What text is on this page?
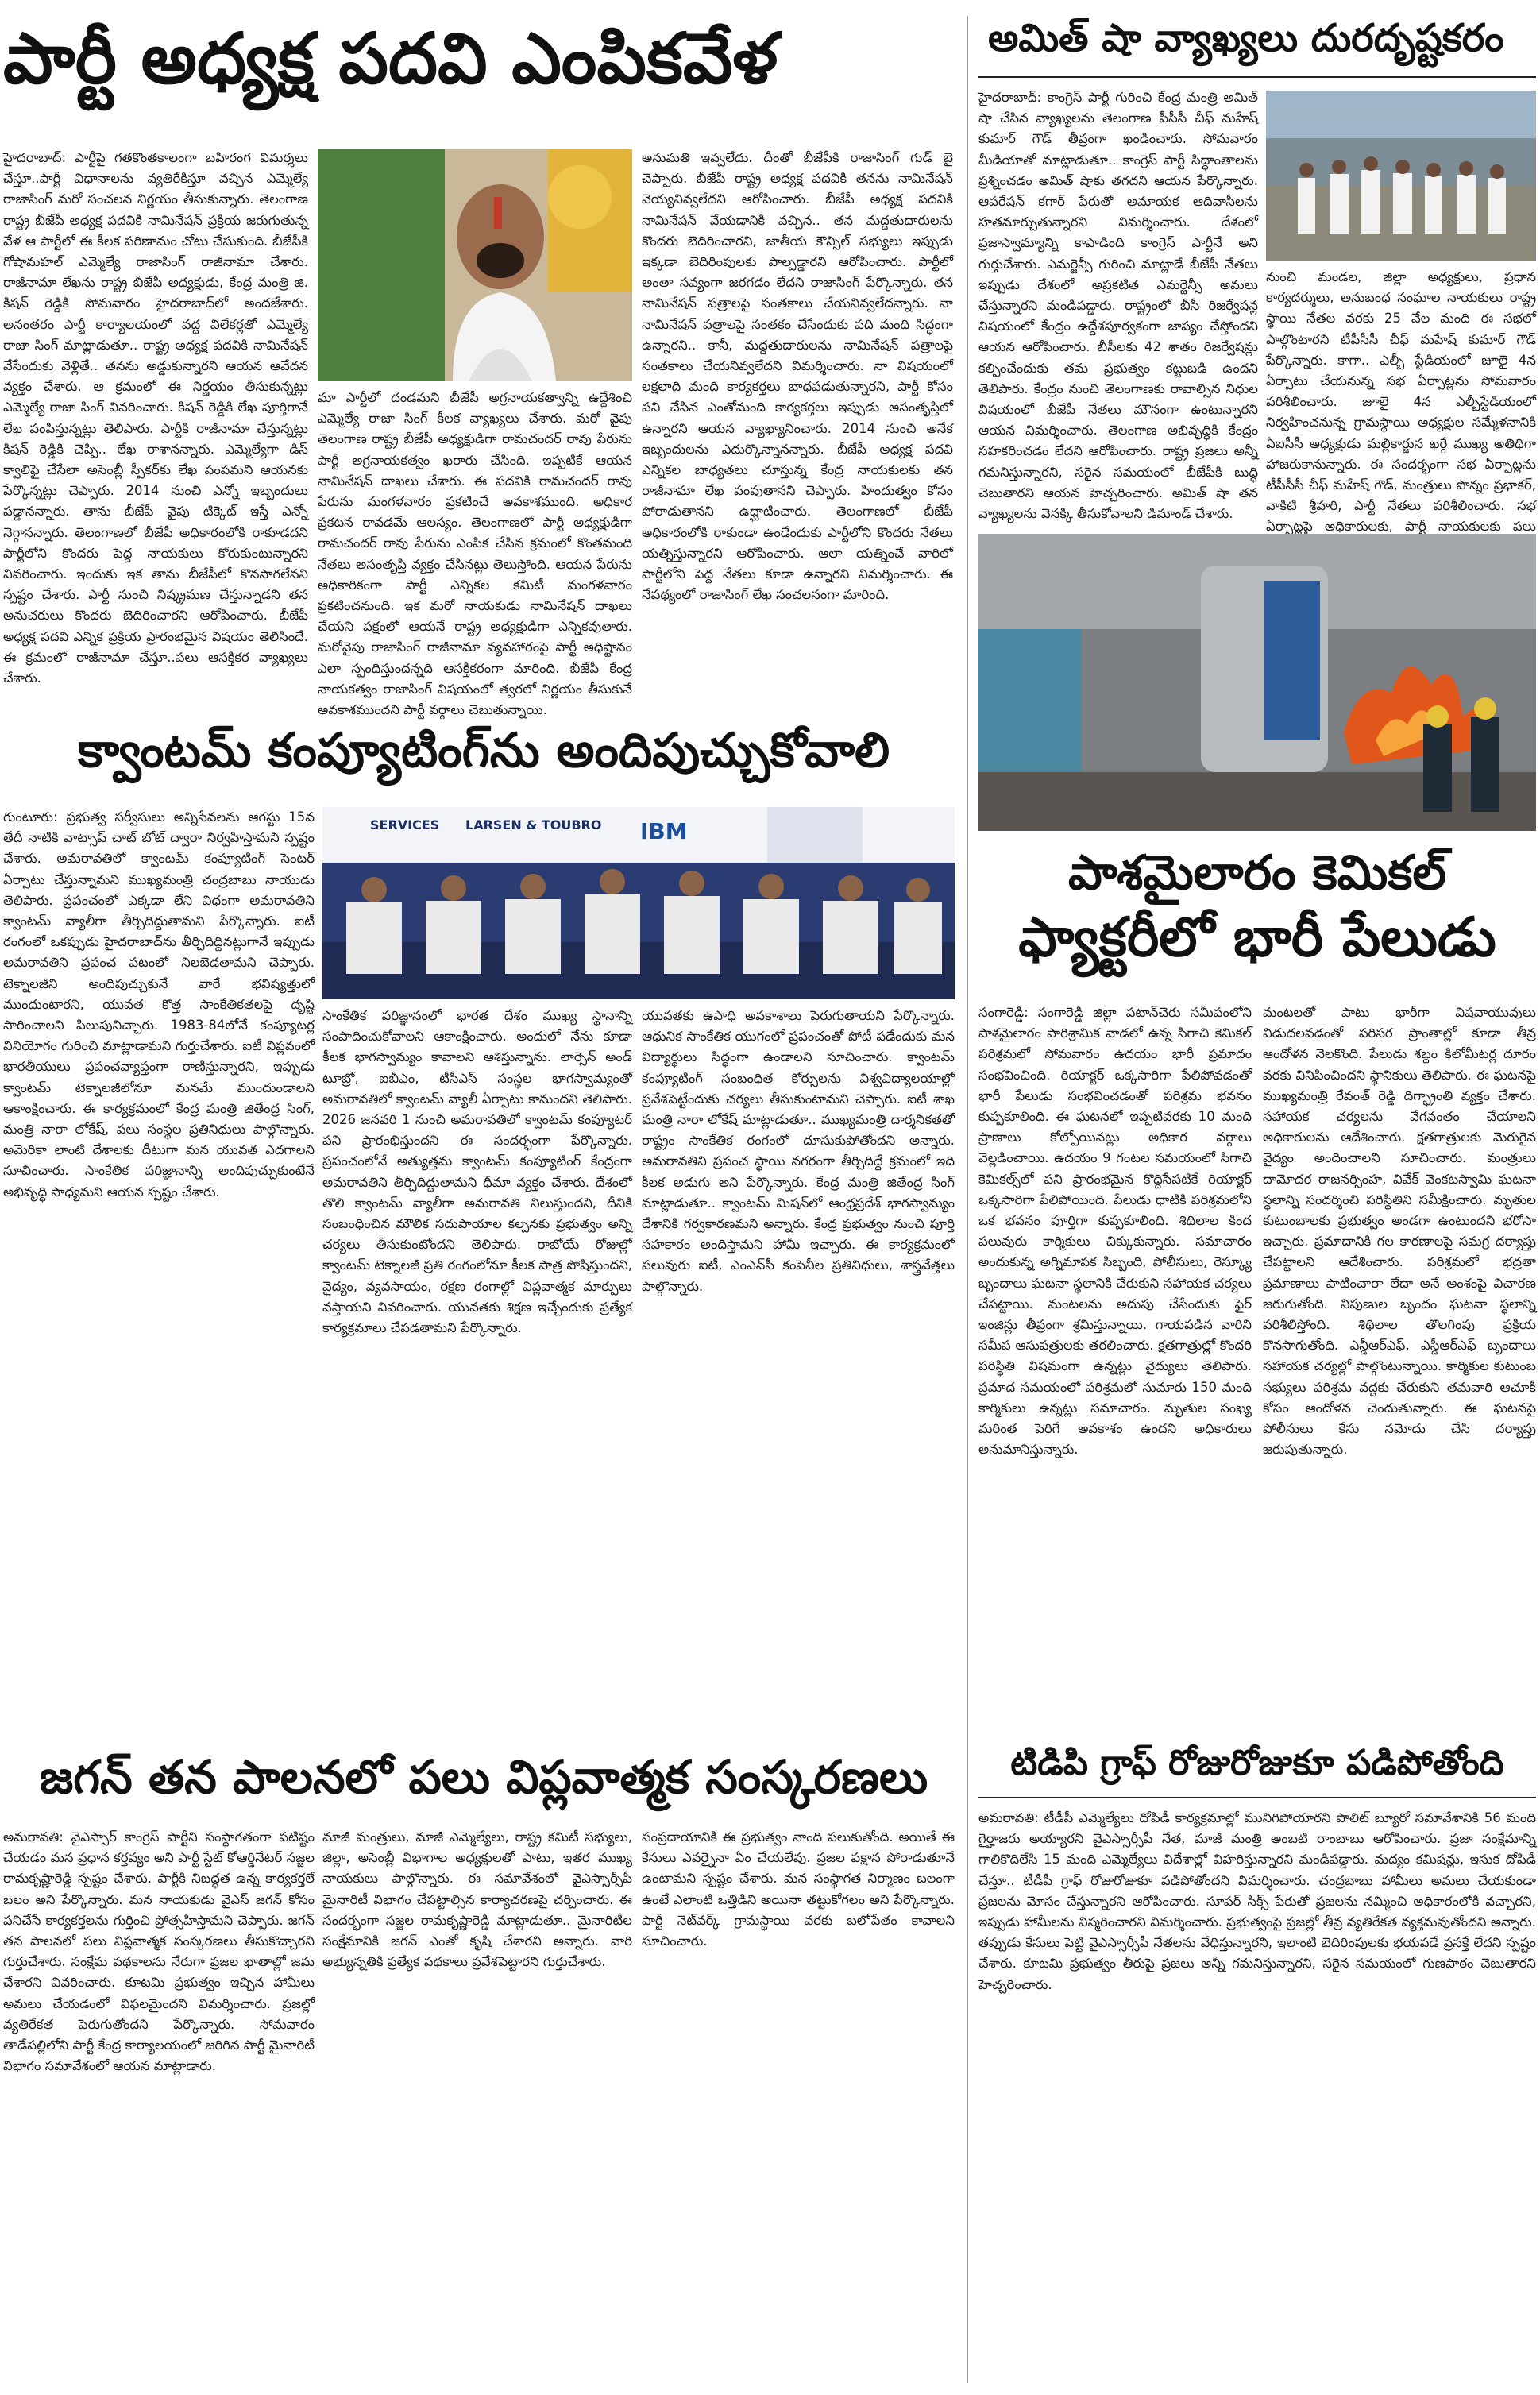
పార్టీ అధ్యక్ష పదవి ఎంపికవేళ
హైదరాబాద్: పార్టీపై గతకొంతకాలంగా బహిరంగ విమర్శలు చేస్తూ..పార్టీ విధానాలను వ్యతిరేకిస్తూ వచ్చిన ఎమ్మెల్యే రాజాసింగ్ మరో సంచలన నిర్ణయం తీసుకున్నారు. తెలంగాణ రాష్ట్ర బీజేపీ అధ్యక్ష పదవికి నామినేషన్ ప్రక్రియ జరుగుతున్న వేళ ఆ పార్టీలో ఈ కీలక పరిణామం చోటు చేసుకుంది. బీజేపీకి గోషామహల్ ఎమ్మెల్యే రాజాసింగ్ రాజీనామా చేశారు. రాజీనామా లేఖను రాష్ట్ర బీజేపీ అధ్యక్షుడు, కేంద్ర మంత్రి జి. కిషన్ రెడ్డికి సోమవారం హైదరాబాద్‌లో అందజేశారు. అనంతరం పార్టీ కార్యాలయంలో వద్ద విలేకర్లతో ఎమ్మెల్యే రాజా సింగ్ మాట్లాడుతూ.. రాష్ట్ర అధ్యక్ష పదవికి నామినేషన్ వేసేందుకు వెళ్లితే.. తనను అడ్డుకున్నారని ఆయన ఆవేదన వ్యక్తం చేశారు. ఆ క్రమంలో ఈ నిర్ణయం తీసుకున్నట్లు ఎమ్మెల్యే రాజా సింగ్ వివరించారు. కిషన్ రెడ్డికి లేఖ పూర్తిగానే లేఖ పంపిస్తున్నట్లు తెలిపారు. పార్టీకి రాజీనామా చేస్తున్నట్లు కిషన్ రెడ్డికి చెప్పి.. లేఖ రాశానన్నారు. ఎమ్మెల్యేగా డిస్ క్వాలిఫై చేసేలా అసెంబ్లీ స్పీకర్‌కు లేఖ పంపమని ఆయనకు పేర్కొన్నట్లు చెప్పారు. 2014 నుంచి ఎన్నో ఇబ్బందులు పడ్డానన్నారు. తాను బీజేపీ వైపు టిక్కెట్ ఇస్తే ఎన్నో నెగ్గానన్నారు. తెలంగాణలో బీజేపీ అధికారంలోకి రాకూడదని పార్టీలోని కొందరు పెద్ద నాయకులు కోరుకుంటున్నారని వివరించారు. ఇందుకు ఇక తాను బీజేపీలో కొనసాగలేనని స్పష్టం చేశారు. పార్టీ నుంచి నిష్క్రమణ చేస్తున్నాడని తన అనుచరులు కొందరు బెదిరించారని ఆరోపించారు. బీజేపీ అధ్యక్ష పదవి ఎన్నిక ప్రక్రియ ప్రారంభమైన విషయం తెలిసిందే. ఈ క్రమంలో రాజీనామా చేస్తూ..పలు ఆసక్తికర వ్యాఖ్యలు చేశారు.
అనుమతి ఇవ్వలేదు. దీంతో బీజేపీకి రాజాసింగ్ గుడ్ బై చెప్పారు. బీజేపీ రాష్ట్ర అధ్యక్ష పదవికి తనను నామినేషన్ వెయ్యనివ్వలేదని ఆరోపించారు. బీజేపీ అధ్యక్ష పదవికి నామినేషన్ వేయడానికి వచ్చిన.. తన మద్దతుదారులను కొందరు బెదిరించారని, జాతీయ కౌన్సిల్ సభ్యులు ఇప్పుడు ఇక్కడా బెదిరింపులకు పాల్పడ్డారని ఆరోపించారు. పార్టీలో అంతా సవ్యంగా జరగడం లేదని రాజాసింగ్ పేర్కొన్నారు. తన నామినేషన్ పత్రాలపై సంతకాలు చేయనివ్వలేదన్నారు. నా నామినేషన్ పత్రాలపై సంతకం చేసేందుకు పది మంది సిద్ధంగా ఉన్నారని.. కానీ, మద్దతుదారులను నామినేషన్ పత్రాలపై సంతకాలు చేయనివ్వలేదని విమర్శించారు. నా విషయంలో లక్షలాది మంది కార్యకర్తలు బాధపడుతున్నారని, పార్టీ కోసం పని చేసిన ఎంతోమంది కార్యకర్తలు ఇప్పుడు అసంతృప్తిలో ఉన్నారని ఆయన వ్యాఖ్యానించారు. 2014 నుంచి అనేక ఇబ్బందులను ఎదుర్కొన్నానన్నారు. బీజేపీ అధ్యక్ష పదవి ఎన్నికల బాధ్యతలు చూస్తున్న కేంద్ర నాయకులకు తన రాజీనామా లేఖ పంపుతానని చెప్పారు. హిందుత్వం కోసం పోరాడుతానని ఉద్ఘాటించారు. తెలంగాణలో బీజేపీ అధికారంలోకి రాకుండా ఉండేందుకు పార్టీలోని కొందరు నేతలు యత్నిస్తున్నారని ఆరోపించారు. ఆలా యత్నించే వారిలో పార్టీలోని పెద్ద నేతలు కూడా ఉన్నారని విమర్శించారు. ఈ నేపథ్యంలో రాజాసింగ్ లేఖ సంచలనంగా మారింది.
మా పార్టీలో దండమని బీజేపీ అగ్రనాయకత్వాన్ని ఉద్దేశించి ఎమ్మెల్యే రాజా సింగ్ కీలక వ్యాఖ్యలు చేశారు. మరో వైపు తెలంగాణ రాష్ట్ర బీజేపీ అధ్యక్షుడిగా రామచందర్ రావు పేరును పార్టీ అగ్రనాయకత్వం ఖరారు చేసింది. ఇప్పటికే ఆయన నామినేషన్ దాఖలు చేశారు. ఈ పదవికి రామచందర్ రావు పేరును మంగళవారం ప్రకటించే అవకాశముంది. అధికార ప్రకటన రావడమే ఆలస్యం. తెలంగాణలో పార్టీ అధ్యక్షుడిగా రామచందర్ రావు పేరును ఎంపిక చేసిన క్రమంలో కొంతమంది నేతలు అసంతృప్తి వ్యక్తం చేసినట్లు తెలుస్తోంది. ఆయన పేరును అధికారికంగా పార్టీ ఎన్నికల కమిటీ మంగళవారం ప్రకటించనుంది. ఇక మరో నాయకుడు నామినేషన్ దాఖలు చేయని పక్షంలో ఆయనే రాష్ట్ర అధ్యక్షుడిగా ఎన్నికవుతారు. మరోవైపు రాజాసింగ్ రాజీనామా వ్యవహారంపై పార్టీ అధిష్టానం ఎలా స్పందిస్తుందన్నది ఆసక్తికరంగా మారింది. బీజేపీ కేంద్ర నాయకత్వం రాజాసింగ్ విషయంలో త్వరలో నిర్ణయం తీసుకునే అవకాశముందని పార్టీ వర్గాలు చెబుతున్నాయి.
అమిత్ షా వ్యాఖ్యలు దురదృష్టకరం
హైదరాబాద్: కాంగ్రెస్ పార్టీ గురించి కేంద్ర మంత్రి అమిత్ షా చేసిన వ్యాఖ్యలను తెలంగాణ పీసీసీ చీఫ్ మహేష్ కుమార్ గౌడ్ తీవ్రంగా ఖండించారు. సోమవారం మీడియాతో మాట్లాడుతూ.. కాంగ్రెస్ పార్టీ సిద్ధాంతాలను ప్రశ్నించడం అమిత్ షాకు తగదని ఆయన పేర్కొన్నారు. ఆపరేషన్ కగార్ పేరుతో అమాయక ఆదివాసీలను హతమార్చుతున్నారని విమర్శించారు. దేశంలో ప్రజాస్వామ్యాన్ని కాపాడింది కాంగ్రెస్ పార్టీనే అని గుర్తుచేశారు. ఎమర్జెన్సీ గురించి మాట్లాడే బీజేపీ నేతలు ఇప్పుడు దేశంలో అప్రకటిత ఎమర్జెన్సీ అమలు చేస్తున్నారని మండిపడ్డారు. రాష్ట్రంలో బీసీ రిజర్వేషన్ల విషయంలో కేంద్రం ఉద్దేశపూర్వకంగా జాప్యం చేస్తోందని ఆయన ఆరోపించారు. బీసీలకు 42 శాతం రిజర్వేషన్లు కల్పించేందుకు తమ ప్రభుత్వం కట్టుబడి ఉందని తెలిపారు. కేంద్రం నుంచి తెలంగాణకు రావాల్సిన నిధుల విషయంలో బీజేపీ నేతలు మౌనంగా ఉంటున్నారని ఆయన విమర్శించారు. తెలంగాణ అభివృద్ధికి కేంద్రం సహకరించడం లేదని ఆరోపించారు. రాష్ట్ర ప్రజలు అన్నీ గమనిస్తున్నారని, సరైన సమయంలో బీజేపీకి బుద్ధి చెబుతారని ఆయన హెచ్చరించారు. అమిత్ షా తన వ్యాఖ్యలను వెనక్కి తీసుకోవాలని డిమాండ్ చేశారు.
నుంచి మండల, జిల్లా అధ్యక్షులు, ప్రధాన కార్యదర్శులు, అనుబంధ సంఘాల నాయకులు రాష్ట్ర స్థాయి నేతల వరకు 25 వేల మంది ఈ సభలో పాల్గొంటారని టీపీసీసీ చీఫ్ మహేష్ కుమార్ గౌడ్ పేర్కొన్నారు. కాగా.. ఎల్బీ స్టేడియంలో జూలై 4న ఏర్పాటు చేయనున్న సభ ఏర్పాట్లను సోమవారం పరిశీలించారు. జూలై 4న ఎల్బీస్టేడియంలో నిర్వహించనున్న గ్రామస్థాయి అధ్యక్షుల సమ్మేళనానికి ఏఐసీసీ అధ్యక్షుడు మల్లికార్జున ఖర్గే ముఖ్య అతిథిగా హాజరుకానున్నారు. ఈ సందర్భంగా సభ ఏర్పాట్లను టీపీసీసీ చీఫ్ మహేష్ గౌడ్, మంత్రులు పొన్నం ప్రభాకర్, వాకిటి శ్రీహరి, పార్టీ నేతలు పరిశీలించారు. సభ ఏర్పాట్లపై అధికారులకు, పార్టీ నాయకులకు పలు
పాశమైలారం కెమికల్
ఫ్యాక్టరీలో భారీ పేలుడు
సంగారెడ్డి: సంగారెడ్డి జిల్లా పటాన్‌చెరు సమీపంలోని పాశమైలారం పారిశ్రామిక వాడలో ఉన్న సిగాచి కెమికల్ పరిశ్రమలో సోమవారం ఉదయం భారీ ప్రమాదం సంభవించింది. రియాక్టర్ ఒక్కసారిగా పేలిపోవడంతో భారీ పేలుడు సంభవించడంతో పరిశ్రమ భవనం కుప్పకూలింది. ఈ ఘటనలో ఇప్పటివరకు 10 మంది ప్రాణాలు కోల్పోయినట్లు అధికార వర్గాలు వెల్లడించాయి. ఉదయం 9 గంటల సమయంలో సిగాచి కెమికల్స్‌లో పని ప్రారంభమైన కొద్దిసేపటికే రియాక్టర్ ఒక్కసారిగా పేలిపోయింది. పేలుడు ధాటికి పరిశ్రమలోని ఒక భవనం పూర్తిగా కుప్పకూలింది. శిథిలాల కింద పలువురు కార్మికులు చిక్కుకున్నారు. సమాచారం అందుకున్న అగ్నిమాపక సిబ్బంది, పోలీసులు, రెస్క్యూ బృందాలు ఘటనా స్థలానికి చేరుకుని సహాయక చర్యలు చేపట్టాయి. మంటలను అదుపు చేసేందుకు ఫైర్ ఇంజిన్లు తీవ్రంగా శ్రమిస్తున్నాయి. గాయపడిన వారిని సమీప ఆసుపత్రులకు తరలించారు. క్షతగాత్రుల్లో కొందరి పరిస్థితి విషమంగా ఉన్నట్లు వైద్యులు తెలిపారు. ప్రమాద సమయంలో పరిశ్రమలో సుమారు 150 మంది కార్మికులు ఉన్నట్లు సమాచారం. మృతుల సంఖ్య మరింత పెరిగే అవకాశం ఉందని అధికారులు అనుమానిస్తున్నారు.
మంటలతో పాటు భారీగా విషవాయువులు విడుదలవడంతో పరిసర ప్రాంతాల్లో కూడా తీవ్ర ఆందోళన నెలకొంది. పేలుడు శబ్దం కిలోమీటర్ల దూరం వరకు వినిపించిందని స్థానికులు తెలిపారు. ఈ ఘటనపై ముఖ్యమంత్రి రేవంత్ రెడ్డి దిగ్భ్రాంతి వ్యక్తం చేశారు. సహాయక చర్యలను వేగవంతం చేయాలని అధికారులను ఆదేశించారు. క్షతగాత్రులకు మెరుగైన వైద్యం అందించాలని సూచించారు. మంత్రులు దామోదర రాజనర్సింహ, వివేక్ వెంకటస్వామి ఘటనా స్థలాన్ని సందర్శించి పరిస్థితిని సమీక్షించారు. మృతుల కుటుంబాలకు ప్రభుత్వం అండగా ఉంటుందని భరోసా ఇచ్చారు. ప్రమాదానికి గల కారణాలపై సమగ్ర దర్యాప్తు చేపట్టాలని ఆదేశించారు. పరిశ్రమలో భద్రతా ప్రమాణాలు పాటించారా లేదా అనే అంశంపై విచారణ జరుగుతోంది. నిపుణుల బృందం ఘటనా స్థలాన్ని పరిశీలిస్తోంది. శిథిలాల తొలగింపు ప్రక్రియ కొనసాగుతోంది. ఎన్డీఆర్ఎఫ్, ఎస్డీఆర్ఎఫ్ బృందాలు సహాయక చర్యల్లో పాల్గొంటున్నాయి. కార్మికుల కుటుంబ సభ్యులు పరిశ్రమ వద్దకు చేరుకుని తమవారి ఆచూకీ కోసం ఆందోళన చెందుతున్నారు. ఈ ఘటనపై పోలీసులు కేసు నమోదు చేసి దర్యాప్తు జరుపుతున్నారు.
క్వాంటమ్ కంప్యూటింగ్‌ను అందిపుచ్చుకోవాలి
SERVICES LARSEN & TOUBRO IBM
గుంటూరు: ప్రభుత్వ సర్వీసులు అన్నిసేవలను ఆగస్టు 15వ తేదీ నాటికి వాట్సాప్ చాట్ బోట్ ద్వారా నిర్వహిస్తామని స్పష్టం చేశారు. అమరావతిలో క్వాంటమ్ కంప్యూటింగ్ సెంటర్ ఏర్పాటు చేస్తున్నామని ముఖ్యమంత్రి చంద్రబాబు నాయుడు తెలిపారు. ప్రపంచంలో ఎక్కడా లేని విధంగా అమరావతిని క్వాంటమ్ వ్యాలీగా తీర్చిదిద్దుతామని పేర్కొన్నారు. ఐటీ రంగంలో ఒకప్పుడు హైదరాబాద్‌ను తీర్చిదిద్దినట్లుగానే ఇప్పుడు అమరావతిని ప్రపంచ పటంలో నిలబెడతామని చెప్పారు. టెక్నాలజీని అందిపుచ్చుకునే వారే భవిష్యత్తులో ముందుంటారని, యువత కొత్త సాంకేతికతలపై దృష్టి సారించాలని పిలుపునిచ్చారు. 1983-84లోనే కంప్యూటర్ల వినియోగం గురించి మాట్లాడామని గుర్తుచేశారు. ఐటీ విప్లవంలో భారతీయులు ప్రపంచవ్యాప్తంగా రాణిస్తున్నారని, ఇప్పుడు క్వాంటమ్ టెక్నాలజీలోనూ మనమే ముందుండాలని ఆకాంక్షించారు. ఈ కార్యక్రమంలో కేంద్ర మంత్రి జితేంద్ర సింగ్, మంత్రి నారా లోకేష్, పలు సంస్థల ప్రతినిధులు పాల్గొన్నారు. అమెరికా లాంటి దేశాలకు దీటుగా మన యువత ఎదగాలని సూచించారు. సాంకేతిక పరిజ్ఞానాన్ని అందిపుచ్చుకుంటేనే అభివృద్ధి సాధ్యమని ఆయన స్పష్టం చేశారు.
సాంకేతిక పరిజ్ఞానంలో భారత దేశం ముఖ్య స్థానాన్ని సంపాదించుకోవాలని ఆకాంక్షించారు. అందులో నేను కూడా కీలక భాగస్వామ్యం కావాలని ఆశిస్తున్నాను. లార్సెన్ అండ్ టూబ్రో, ఐబీఎం, టీసీఎస్ సంస్థల భాగస్వామ్యంతో అమరావతిలో క్వాంటమ్ వ్యాలీ ఏర్పాటు కానుందని తెలిపారు. 2026 జనవరి 1 నుంచి అమరావతిలో క్వాంటమ్ కంప్యూటర్ పని ప్రారంభిస్తుందని ఈ సందర్భంగా పేర్కొన్నారు. ప్రపంచంలోనే అత్యుత్తమ క్వాంటమ్ కంప్యూటింగ్ కేంద్రంగా అమరావతిని తీర్చిదిద్దుతామని ధీమా వ్యక్తం చేశారు. దేశంలో తొలి క్వాంటమ్ వ్యాలీగా అమరావతి నిలుస్తుందని, దీనికి సంబంధించిన మౌలిక సదుపాయాల కల్పనకు ప్రభుత్వం అన్ని చర్యలు తీసుకుంటోందని తెలిపారు. రాబోయే రోజుల్లో క్వాంటమ్ టెక్నాలజీ ప్రతి రంగంలోనూ కీలక పాత్ర పోషిస్తుందని, వైద్యం, వ్యవసాయం, రక్షణ రంగాల్లో విప్లవాత్మక మార్పులు వస్తాయని వివరించారు. యువతకు శిక్షణ ఇచ్చేందుకు ప్రత్యేక కార్యక్రమాలు చేపడతామని పేర్కొన్నారు.
యువతకు ఉపాధి అవకాశాలు పెరుగుతాయని పేర్కొన్నారు. ఆధునిక సాంకేతిక యుగంలో ప్రపంచంతో పోటీ పడేందుకు మన విద్యార్థులు సిద్ధంగా ఉండాలని సూచించారు. క్వాంటమ్ కంప్యూటింగ్ సంబంధిత కోర్సులను విశ్వవిద్యాలయాల్లో ప్రవేశపెట్టేందుకు చర్యలు తీసుకుంటామని చెప్పారు. ఐటీ శాఖ మంత్రి నారా లోకేష్ మాట్లాడుతూ.. ముఖ్యమంత్రి దార్శనికతతో రాష్ట్రం సాంకేతిక రంగంలో దూసుకుపోతోందని అన్నారు. అమరావతిని ప్రపంచ స్థాయి నగరంగా తీర్చిదిద్దే క్రమంలో ఇది కీలక అడుగు అని పేర్కొన్నారు. కేంద్ర మంత్రి జితేంద్ర సింగ్ మాట్లాడుతూ.. క్వాంటమ్ మిషన్‌లో ఆంధ్రప్రదేశ్ భాగస్వామ్యం దేశానికి గర్వకారణమని అన్నారు. కేంద్ర ప్రభుత్వం నుంచి పూర్తి సహకారం అందిస్తామని హామీ ఇచ్చారు. ఈ కార్యక్రమంలో పలువురు ఐటీ, ఎంఎన్‌సీ కంపెనీల ప్రతినిధులు, శాస్త్రవేత్తలు పాల్గొన్నారు.
జగన్ తన పాలనలో పలు విప్లవాత్మక సంస్కరణలు
అమరావతి: వైఎస్సార్ కాంగ్రెస్ పార్టీని సంస్థాగతంగా పటిష్టం చేయడం మన ప్రధాన కర్తవ్యం అని పార్టీ స్టేట్ కోఆర్డినేటర్ సజ్జల రామకృష్ణారెడ్డి స్పష్టం చేశారు. పార్టీకి నిబద్ధత ఉన్న కార్యకర్తలే బలం అని పేర్కొన్నారు. మన నాయకుడు వైఎస్ జగన్ కోసం పనిచేసే కార్యకర్తలను గుర్తించి ప్రోత్సహిస్తామని చెప్పారు. జగన్ తన పాలనలో పలు విప్లవాత్మక సంస్కరణలు తీసుకొచ్చారని గుర్తుచేశారు. సంక్షేమ పథకాలను నేరుగా ప్రజల ఖాతాల్లో జమ చేశారని వివరించారు. కూటమి ప్రభుత్వం ఇచ్చిన హామీలు అమలు చేయడంలో విఫలమైందని విమర్శించారు. ప్రజల్లో వ్యతిరేకత పెరుగుతోందని పేర్కొన్నారు. సోమవారం తాడేపల్లిలోని పార్టీ కేంద్ర కార్యాలయంలో జరిగిన పార్టీ మైనారిటీ విభాగం సమావేశంలో ఆయన మాట్లాడారు.
మాజీ మంత్రులు, మాజీ ఎమ్మెల్యేలు, రాష్ట్ర కమిటీ సభ్యులు, జిల్లా, అసెంబ్లీ విభాగాల అధ్యక్షులతో పాటు, ఇతర ముఖ్య నాయకులు పాల్గొన్నారు. ఈ సమావేశంలో వైఎస్సార్సీపీ మైనారిటీ విభాగం చేపట్టాల్సిన కార్యాచరణపై చర్చించారు. ఈ సందర్భంగా సజ్జల రామకృష్ణారెడ్డి మాట్లాడుతూ.. మైనారిటీల సంక్షేమానికి జగన్ ఎంతో కృషి చేశారని అన్నారు. వారి అభ్యున్నతికి ప్రత్యేక పథకాలు ప్రవేశపెట్టారని గుర్తుచేశారు.
సంప్రదాయానికి ఈ ప్రభుత్వం నాంది పలుకుతోంది. అయితే ఈ కేసులు ఎవర్నైనా ఏం చేయలేవు. ప్రజల పక్షాన పోరాడుతూనే ఉంటామని స్పష్టం చేశారు. మన సంస్థాగత నిర్మాణం బలంగా ఉంటే ఎలాంటి ఒత్తిడిని అయినా తట్టుకోగలం అని పేర్కొన్నారు. పార్టీ నెట్‌వర్క్ గ్రామస్థాయి వరకు బలోపేతం కావాలని సూచించారు.
టిడిపి గ్రాఫ్ రోజురోజుకూ పడిపోతోంది
అమరావతి: టీడీపీ ఎమ్మెల్యేలు దోపిడీ కార్యక్రమాల్లో మునిగిపోయారని పొలిట్ బ్యూరో సమావేశానికి 56 మంది గైర్హాజరు అయ్యారని వైఎస్సార్సీపీ నేత, మాజీ మంత్రి అంబటి రాంబాబు ఆరోపించారు. ప్రజా సంక్షేమాన్ని గాలికొదిలేసి 15 మంది ఎమ్మెల్యేలు విదేశాల్లో విహరిస్తున్నారని మండిపడ్డారు. మద్యం కమిషన్లు, ఇసుక దోపిడీ చేస్తూ.. టీడీపీ గ్రాఫ్ రోజురోజుకూ పడిపోతోందని విమర్శించారు. చంద్రబాబు హామీలు అమలు చేయకుండా ప్రజలను మోసం చేస్తున్నారని ఆరోపించారు. సూపర్ సిక్స్ పేరుతో ప్రజలను నమ్మించి అధికారంలోకి వచ్చారని, ఇప్పుడు హామీలను విస్మరించారని విమర్శించారు. ప్రభుత్వంపై ప్రజల్లో తీవ్ర వ్యతిరేకత వ్యక్తమవుతోందని అన్నారు. తప్పుడు కేసులు పెట్టి వైఎస్సార్సీపీ నేతలను వేధిస్తున్నారని, ఇలాంటి బెదిరింపులకు భయపడే ప్రసక్తే లేదని స్పష్టం చేశారు. కూటమి ప్రభుత్వం తీరుపై ప్రజలు అన్నీ గమనిస్తున్నారని, సరైన సమయంలో గుణపాఠం చెబుతారని హెచ్చరించారు.
